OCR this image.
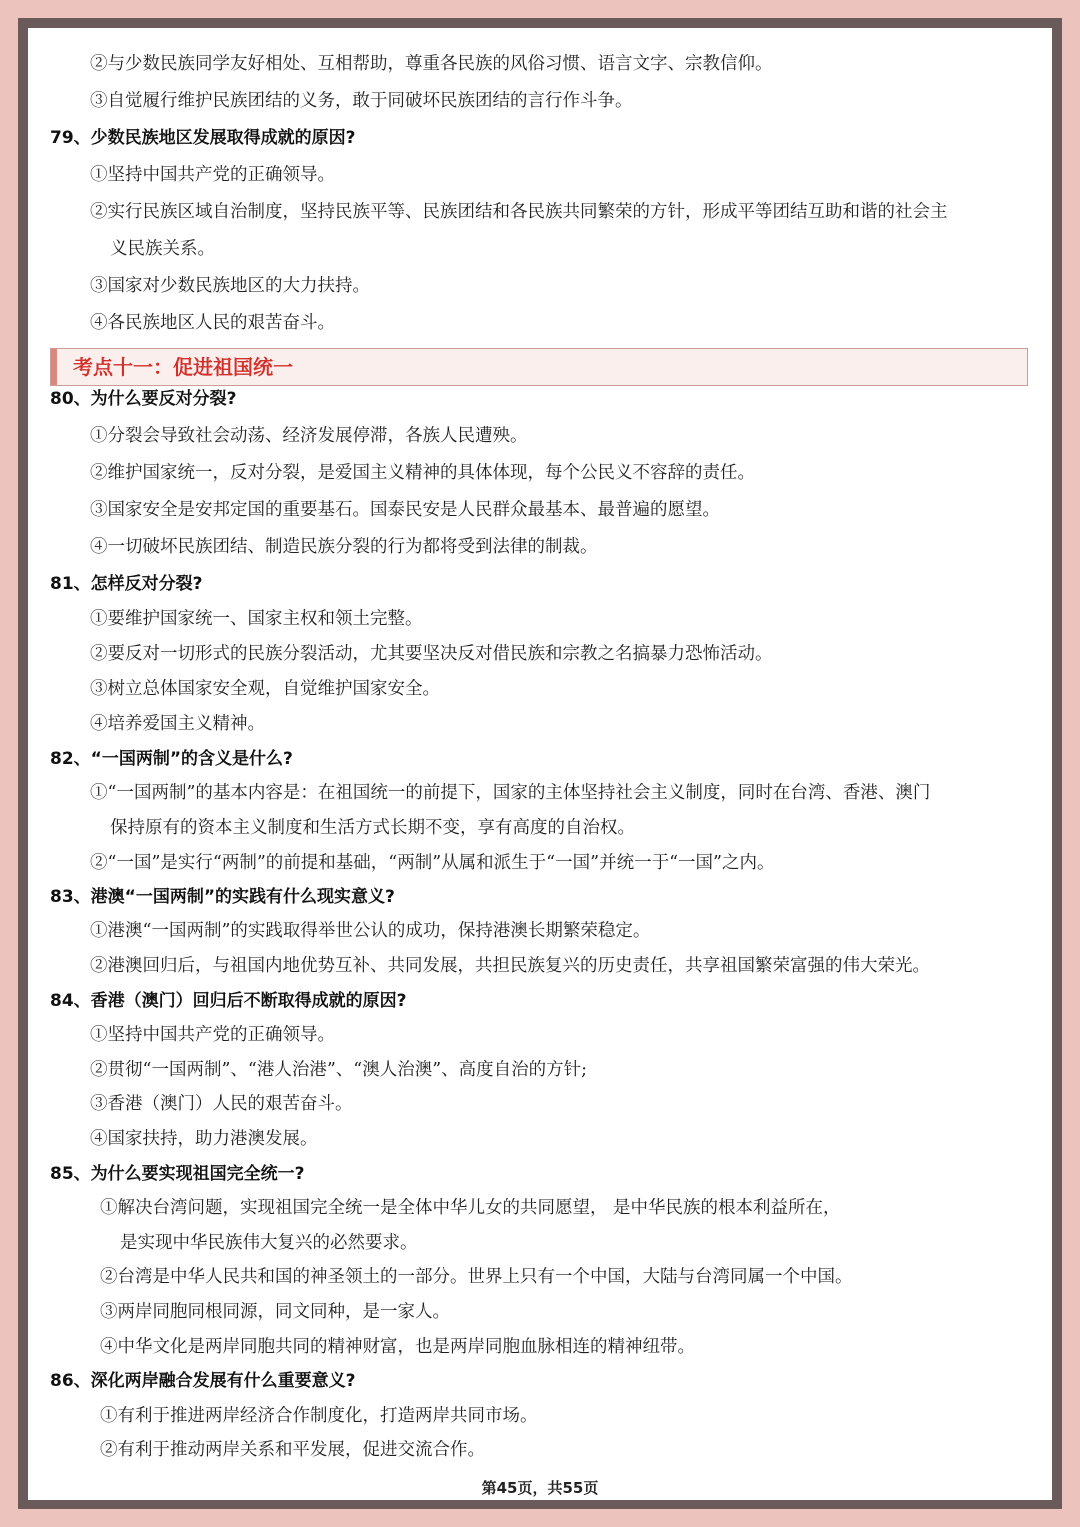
②与少数民族同学友好相处、互相帮助，尊重各民族的风俗习惯、语言文字、宗教信仰。
③自觉履行维护民族团结的义务，敢于同破坏民族团结的言行作斗争。
79、少数民族地区发展取得成就的原因?
①坚持中国共产党的正确领导。
②实行民族区域自治制度，坚持民族平等、民族团结和各民族共同繁荣的方针，形成平等团结互助和谐的社会主
义民族关系。
③国家对少数民族地区的大力扶持。
④各民族地区人民的艰苦奋斗。
考点十一：促进祖国统一
80、为什么要反对分裂?
①分裂会导致社会动荡、经济发展停滞，各族人民遭殃。
②维护国家统一，反对分裂，是爱国主义精神的具体体现，每个公民义不容辞的责任。
③国家安全是安邦定国的重要基石。国泰民安是人民群众最基本、最普遍的愿望。
④一切破坏民族团结、制造民族分裂的行为都将受到法律的制裁。
81、怎样反对分裂?
①要维护国家统一、国家主权和领土完整。
②要反对一切形式的民族分裂活动，尤其要坚决反对借民族和宗教之名搞暴力恐怖活动。
③树立总体国家安全观，自觉维护国家安全。
④培养爱国主义精神。
82、“一国两制”的含义是什么?
①“一国两制”的基本内容是：在祖国统一的前提下，国家的主体坚持社会主义制度，同时在台湾、香港、澳门
保持原有的资本主义制度和生活方式长期不变，享有高度的自治权。
②“一国”是实行“两制”的前提和基础，“两制”从属和派生于“一国”并统一于“一国”之内。
83、港澳“一国两制”的实践有什么现实意义?
①港澳“一国两制”的实践取得举世公认的成功，保持港澳长期繁荣稳定。
②港澳回归后，与祖国内地优势互补、共同发展，共担民族复兴的历史责任，共享祖国繁荣富强的伟大荣光。
84、香港（澳门）回归后不断取得成就的原因?
①坚持中国共产党的正确领导。
②贯彻“一国两制”、“港人治港”、“澳人治澳”、高度自治的方针;
③香港（澳门）人民的艰苦奋斗。
④国家扶持，助力港澳发展。
85、为什么要实现祖国完全统一?
①解决台湾问题，实现祖国完全统一是全体中华儿女的共同愿望， 是中华民族的根本利益所在，
是实现中华民族伟大复兴的必然要求。
②台湾是中华人民共和国的神圣领土的一部分。世界上只有一个中国，大陆与台湾同属一个中国。
③两岸同胞同根同源，同文同种，是一家人。
④中华文化是两岸同胞共同的精神财富，也是两岸同胞血脉相连的精神纽带。
86、深化两岸融合发展有什么重要意义?
①有利于推进两岸经济合作制度化，打造两岸共同市场。
②有利于推动两岸关系和平发展，促进交流合作。
第45页，共55页
